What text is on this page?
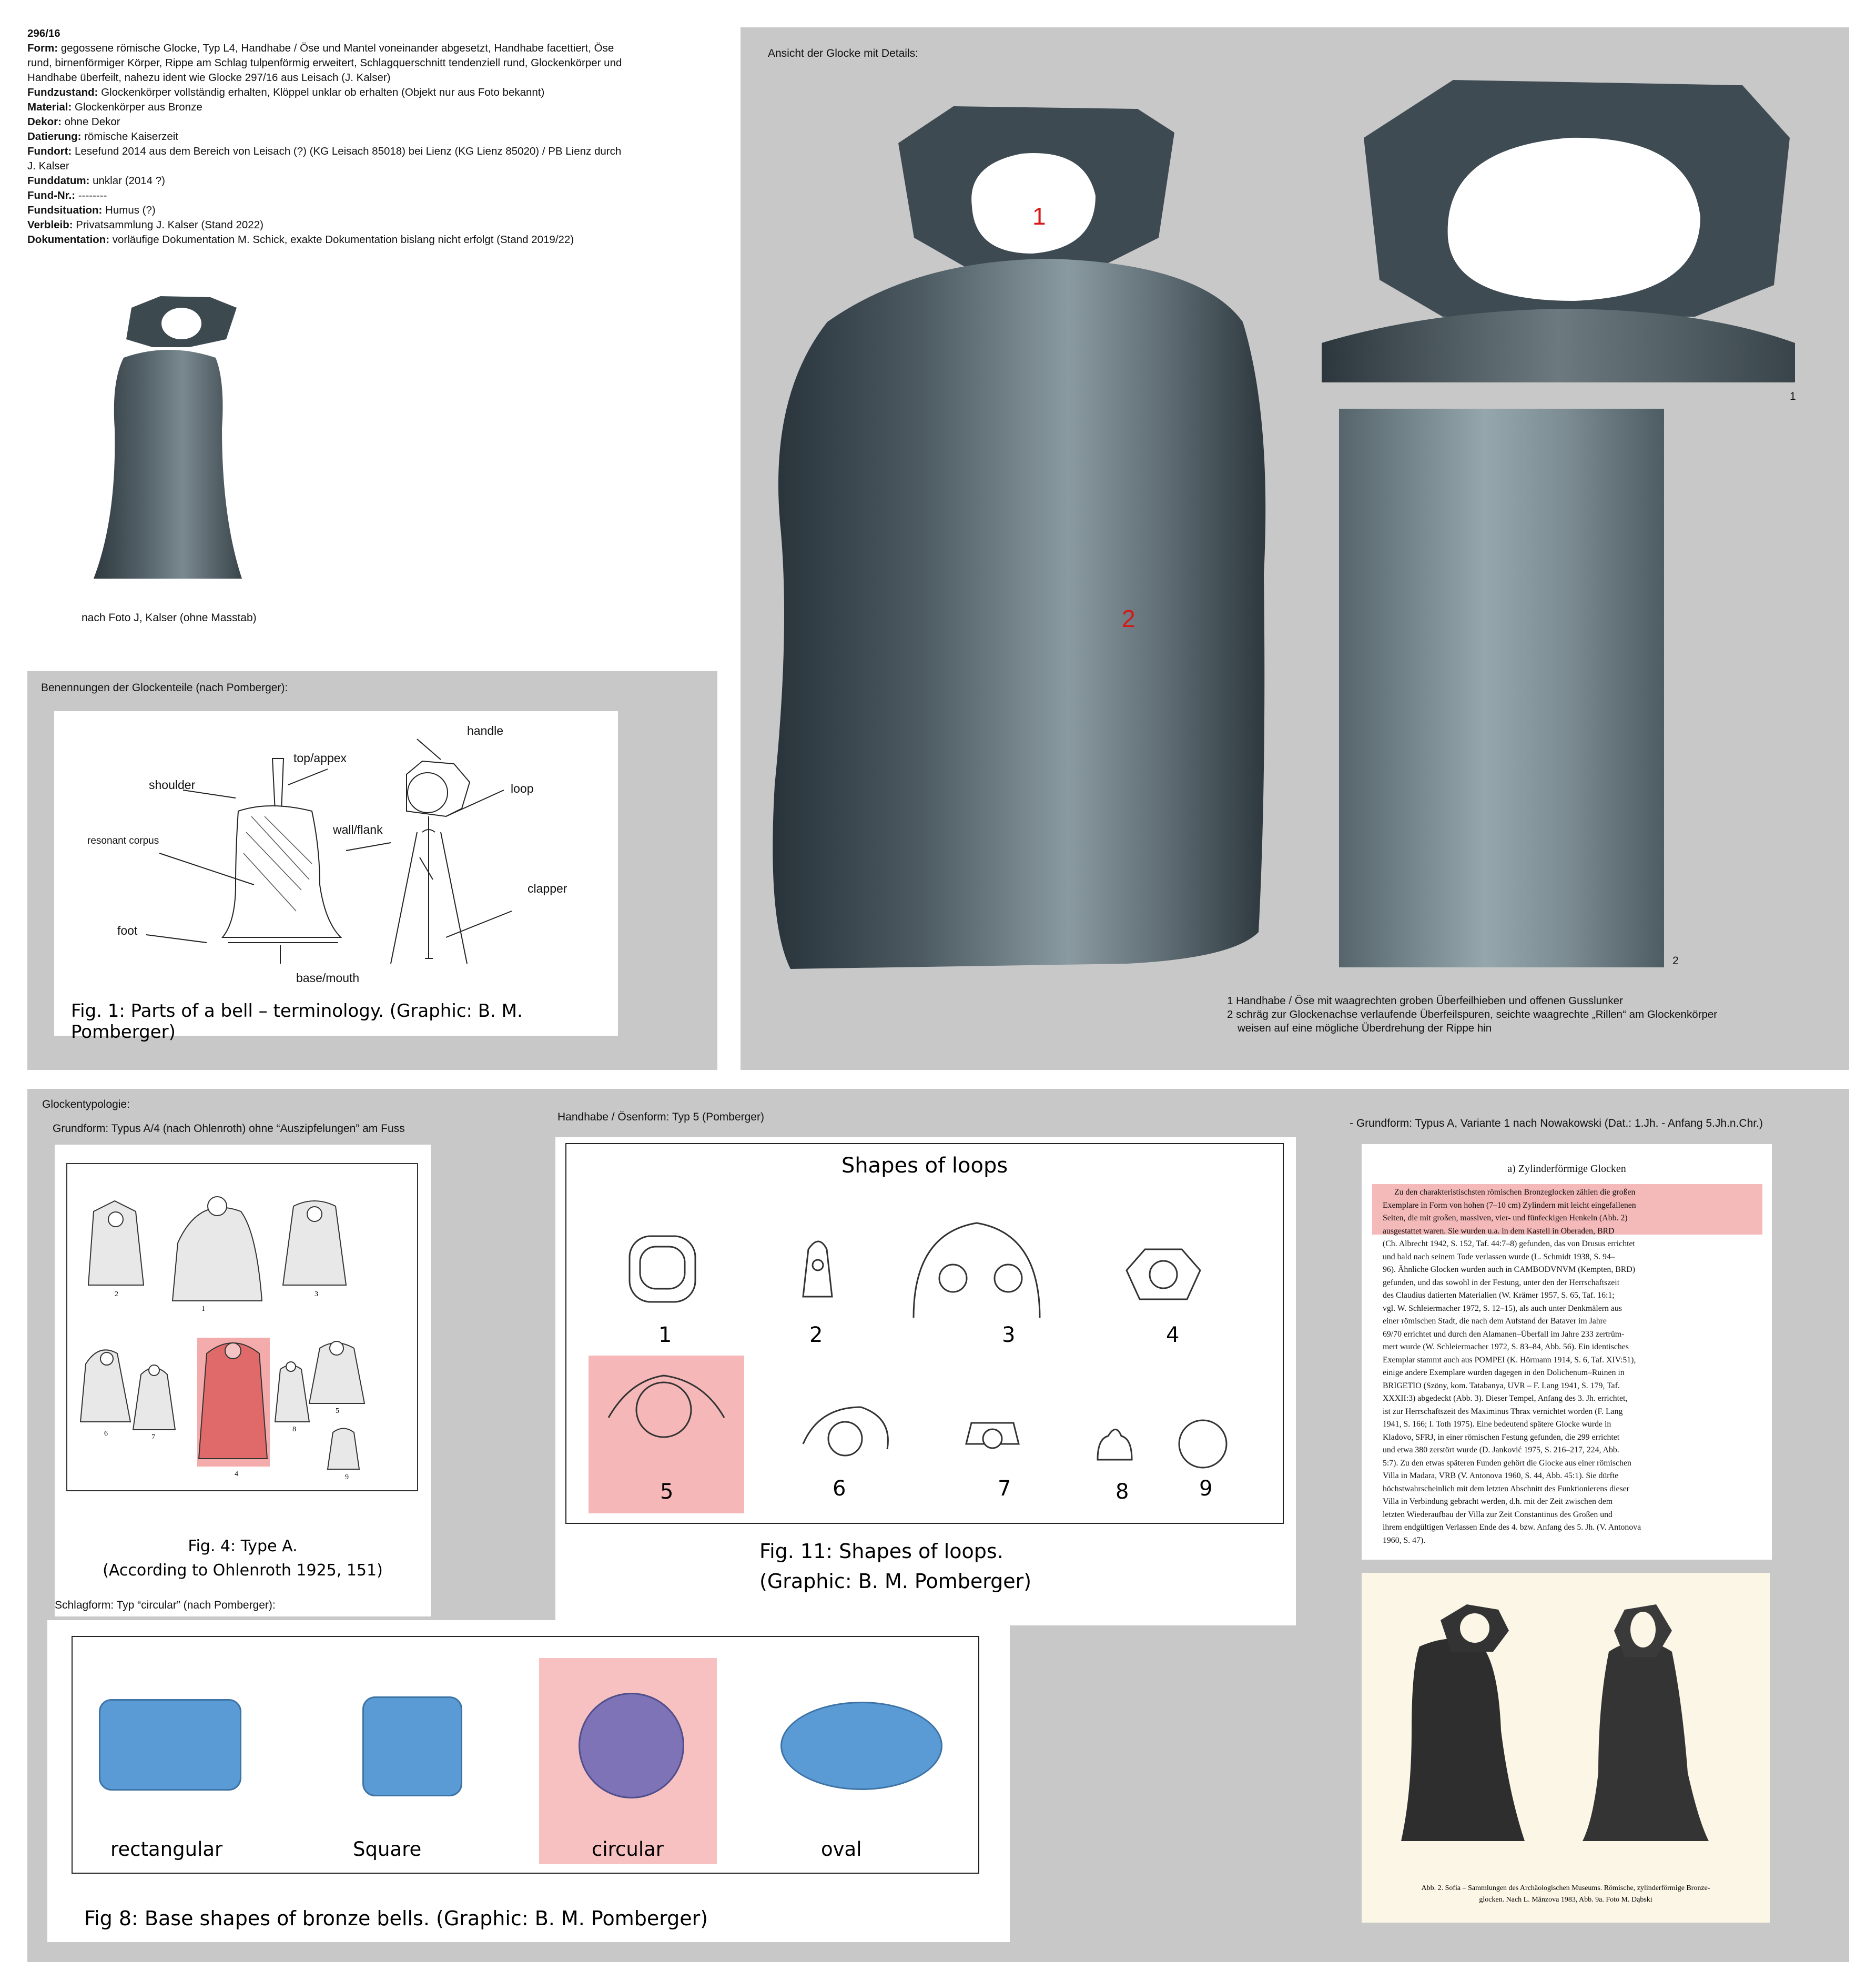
296/16
Form: gegossene römische Glocke, Typ L4, Handhabe / Öse und Mantel voneinander abgesetzt, Handhabe facettiert, Öse
rund, birnenförmiger Körper, Rippe am Schlag tulpenförmig erweitert, Schlagquerschnitt tendenziell rund, Glockenkörper und
Handhabe überfeilt, nahezu ident wie Glocke 297/16 aus Leisach (J. Kalser)
Fundzustand: Glockenkörper vollständig erhalten, Klöppel unklar ob erhalten (Objekt nur aus Foto bekannt)
Material: Glockenkörper aus Bronze
Dekor: ohne Dekor
Datierung: römische Kaiserzeit
Fundort: Lesefund 2014 aus dem Bereich von Leisach (?) (KG Leisach 85018) bei Lienz (KG Lienz 85020) / PB Lienz durch
J. Kalser
Funddatum: unklar (2014 ?)
Fund-Nr.: --------
Fundsituation: Humus (?)
Verbleib: Privatsammlung J. Kalser (Stand 2022)
Dokumentation: vorläufige Dokumentation M. Schick, exakte Dokumentation bislang nicht erfolgt (Stand 2019/22)
nach Foto J, Kalser (ohne Masstab)
Benennungen der Glockenteile (nach Pomberger):
handle
top/appex
shoulder	loop
wall/flank
resonant corpus
clapper
foot
base/mouth
Fig. 1: Parts of a bell – terminology. (Graphic: B. M. Pomberger)
Ansicht der Glocke mit Details:
1
2
1
2
1 Handhabe / Öse mit waagrechten groben Überfeilhieben und offenen Gusslunker
2 schräg zur Glockenachse verlaufende Überfeilspuren, seichte waagrechte „Rillen“ am Glockenkörper
weisen auf eine mögliche Überdrehung der Rippe hin
Glockentypologie:
Grundform: Typus A/4 (nach Ohlenroth) ohne “Auszipfelungen” am Fuss
1
2	3
6	7
4
8
5
9
Fig. 4: Type A.
(According to Ohlenroth 1925, 151)
Handhabe / Ösenform: Typ 5 (Pomberger)
Shapes of loops
1	2	3	4
5	6	7	8	9
Fig. 11: Shapes of loops.
(Graphic: B. M. Pomberger)
Schlagform: Typ “circular” (nach Pomberger):
rectangular	Square	circular	oval
Fig 8: Base shapes of bronze bells. (Graphic: B. M. Pomberger)
- Grundform: Typus A, Variante 1 nach Nowakowski (Dat.: 1.Jh. - Anfang 5.Jh.n.Chr.)
a) Zylinderförmige Glocken
Zu den charakteristischsten römischen Bronzeglocken zählen die großen
Exemplare in Form von hohen (7–10 cm) Zylindern mit leicht eingefallenen
Seiten, die mit großen, massiven, vier- und fünfeckigen Henkeln (Abb. 2)
ausgestattet waren. Sie wurden u.a. in dem Kastell in Oberaden, BRD
(Ch. Albrecht 1942, S. 152, Taf. 44:7–8) gefunden, das von Drusus errichtet
und bald nach seinem Tode verlassen wurde (L. Schmidt 1938, S. 94–
96). Ähnliche Glocken wurden auch in CAMBODVNVM (Kempten, BRD)
gefunden, und das sowohl in der Festung, unter den der Herrschaftszeit
des Claudius datierten Materialien (W. Krämer 1957, S. 65, Taf. 16:1;
vgl. W. Schleiermacher 1972, S. 12–15), als auch unter Denkmälern aus
einer römischen Stadt, die nach dem Aufstand der Bataver im Jahre
69/70 errichtet und durch den Alamanen–Überfall im Jahre 233 zertrüm-
mert wurde (W. Schleiermacher 1972, S. 83–84, Abb. 56). Ein identisches
Exemplar stammt auch aus POMPEI (K. Hörmann 1914, S. 6, Taf. XIV:51),
einige andere Exemplare wurden dagegen in den Dolichenum–Ruinen in
BRIGETIO (Szöny, kom. Tatabanya, UVR – F. Lang 1941, S. 179, Taf.
XXXII:3) abgedeckt (Abb. 3). Dieser Tempel, Anfang des 3. Jh. errichtet,
ist zur Herrschaftszeit des Maximinus Thrax vernichtet worden (F. Lang
1941, S. 166; I. Toth 1975). Eine bedeutend spätere Glocke wurde in
Kladovo, SFRJ, in einer römischen Festung gefunden, die 299 errichtet
und etwa 380 zerstört wurde (D. Janković 1975, S. 216–217, 224, Abb.
5:7). Zu den etwas späteren Funden gehört die Glocke aus einer römischen
Villa in Madara, VRB (V. Antonova 1960, S. 44, Abb. 45:1). Sie dürfte
höchstwahrscheinlich mit dem letzten Abschnitt des Funktionierens dieser
Villa in Verbindung gebracht werden, d.h. mit der Zeit zwischen dem
letzten Wiederaufbau der Villa zur Zeit Constantinus des Großen und
ihrem endgültigen Verlassen Ende des 4. bzw. Anfang des 5. Jh. (V. Antonova
1960, S. 47).
Abb. 2. Sofia – Sammlungen des Archäologischen Museums. Römische, zylinderförmige Bronze-
glocken. Nach L. Mănzova 1983, Abb. 9a. Foto M. Dąbski
